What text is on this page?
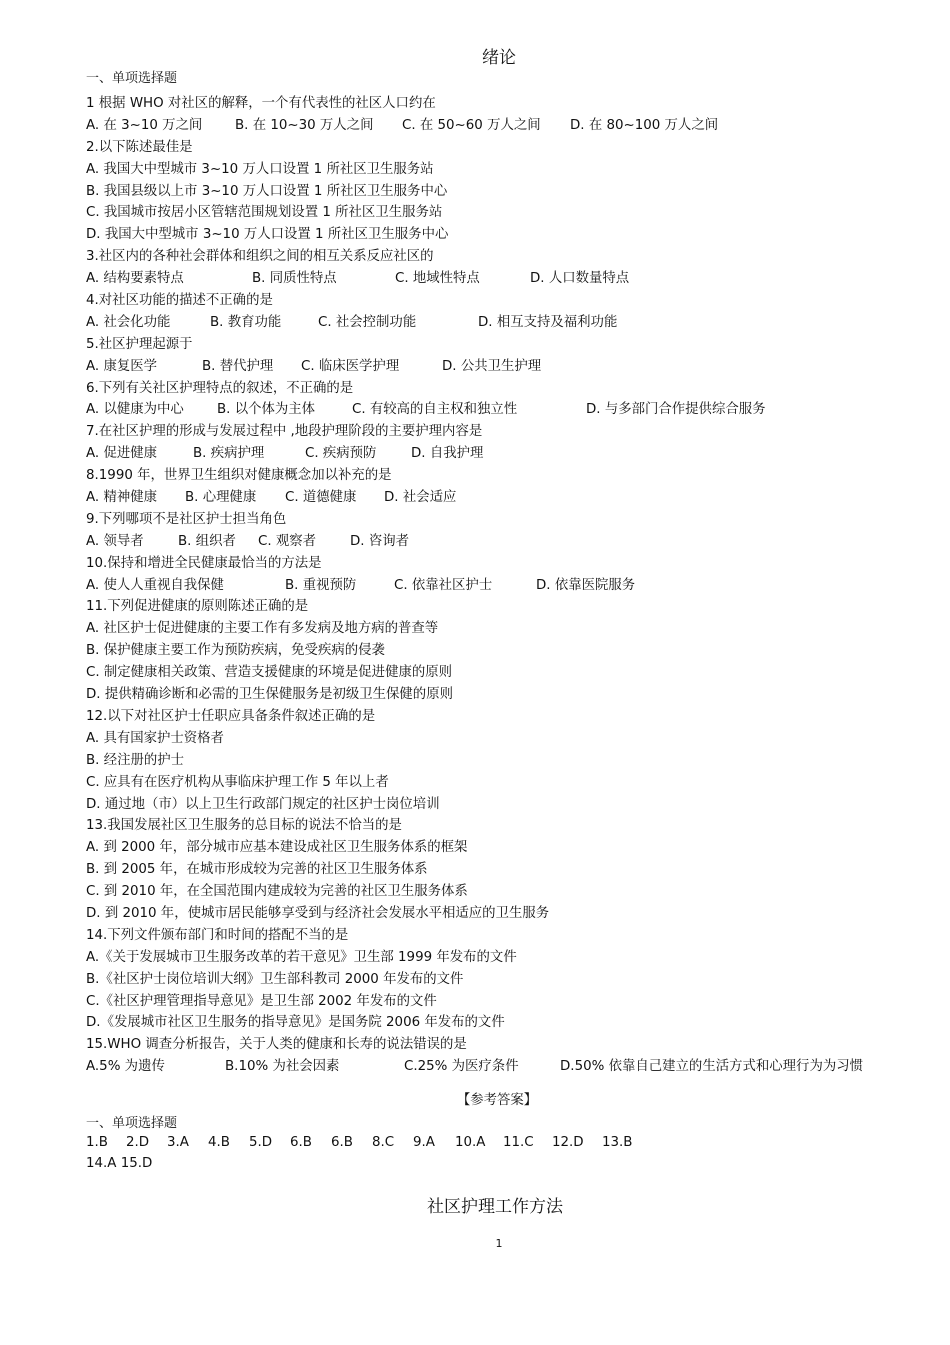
绪论
一、单项选择题
1 根据 WHO 对社区的解释，一个有代表性的社区人口约在
A. 在 3~10 万之间 B. 在 10~30 万人之间 C. 在 50~60 万人之间 D. 在 80~100 万人之间
2.以下陈述最佳是
A. 我国大中型城市 3~10 万人口设置 1 所社区卫生服务站
B. 我国县级以上市 3~10 万人口设置 1 所社区卫生服务中心
C. 我国城市按居小区管辖范围规划设置 1 所社区卫生服务站
D. 我国大中型城市 3~10 万人口设置 1 所社区卫生服务中心
3.社区内的各种社会群体和组织之间的相互关系反应社区的
A. 结构要素特点	B. 同质性特点	C. 地域性特点	D. 人口数量特点
4.对社区功能的描述不正确的是
A. 社会化功能	B. 教育功能	C. 社会控制功能	D. 相互支持及福利功能
5.社区护理起源于
A. 康复医学	B. 替代护理 C. 临床医学护理	D. 公共卫生护理
6.下列有关社区护理特点的叙述，不正确的是
A. 以健康为中心 B. 以个体为主体	C. 有较高的自主权和独立性	D. 与多部门合作提供综合服务
7.在社区护理的形成与发展过程中 ,地段护理阶段的主要护理内容是
A. 促进健康	B. 疾病护理	C. 疾病预防	D. 自我护理
8.1990 年，世界卫生组织对健康概念加以补充的是
A. 精神健康 B. 心理健康 C. 道德健康 D. 社会适应
9.下列哪项不是社区护士担当角色
A. 领导者	B. 组织者 C. 观察者	D. 咨询者
10.保持和增进全民健康最恰当的方法是
A. 使人人重视自我保健	B. 重视预防	C. 依靠社区护士	D. 依靠医院服务
11.下列促进健康的原则陈述正确的是
A. 社区护士促进健康的主要工作有多发病及地方病的普查等
B. 保护健康主要工作为预防疾病，免受疾病的侵袭
C. 制定健康相关政策、营造支援健康的环境是促进健康的原则
D. 提供精确诊断和必需的卫生保健服务是初级卫生保健的原则
12.以下对社区护士任职应具备条件叙述正确的是
A. 具有国家护士资格者
B. 经注册的护士
C. 应具有在医疗机构从事临床护理工作 5 年以上者
D. 通过地（市）以上卫生行政部门规定的社区护士岗位培训
13.我国发展社区卫生服务的总目标的说法不恰当的是
A. 到 2000 年，部分城市应基本建设成社区卫生服务体系的框架
B. 到 2005 年，在城市形成较为完善的社区卫生服务体系
C. 到 2010 年，在全国范围内建成较为完善的社区卫生服务体系
D. 到 2010 年，使城市居民能够享受到与经济社会发展水平相适应的卫生服务
14.下列文件颁布部门和时间的搭配不当的是
A.《关于发展城市卫生服务改革的若干意见》卫生部 1999 年发布的文件
B.《社区护士岗位培训大纲》卫生部科教司 2000 年发布的文件
C.《社区护理管理指导意见》是卫生部 2002 年发布的文件
D.《发展城市社区卫生服务的指导意见》是国务院 2006 年发布的文件
15.WHO 调查分析报告，关于人类的健康和长寿的说法错误的是
A.5% 为遗传	B.10% 为社会因素	C.25% 为医疗条件	D.50% 依靠自己建立的生活方式和心理行为为习惯
【参考答案】
一、单项选择题
1.B 2.D 3.A 4.B 5.D 6.B 6.B 8.C 9.A 10.A 11.C 12.D 13.B
14.A 15.D
社区护理工作方法
1
